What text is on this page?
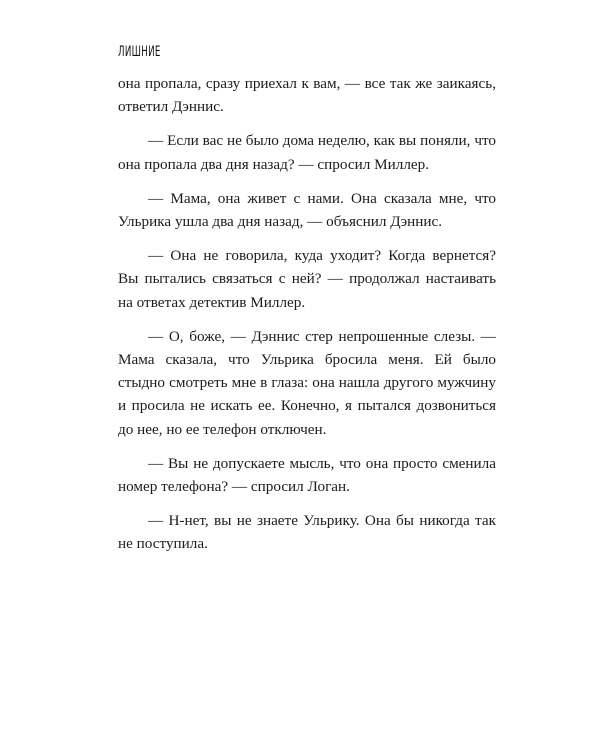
ЛИШНИЕ

она пропала, сразу приехал к вам, — все так же заикаясь, ответил Дэннис.

— Если вас не было дома неделю, как вы поняли, что она пропала два дня назад? — спросил Миллер.

— Мама, она живет с нами. Она сказала мне, что Ульрика ушла два дня назад, — объяснил Дэннис.

— Она не говорила, куда уходит? Когда вернется? Вы пытались связаться с ней? — продолжал настаивать на ответах детектив Миллер.

— О, боже, — Дэннис стер непрошенные слезы. — Мама сказала, что Ульрика бросила меня. Ей было стыдно смотреть мне в глаза: она нашла другого мужчину и просила не искать ее. Конечно, я пытался дозвониться до нее, но ее телефон отключен.

— Вы не допускаете мысль, что она просто сменила номер телефона? — спросил Логан.

— Н-нет, вы не знаете Ульрику. Она бы никогда так не поступила.
